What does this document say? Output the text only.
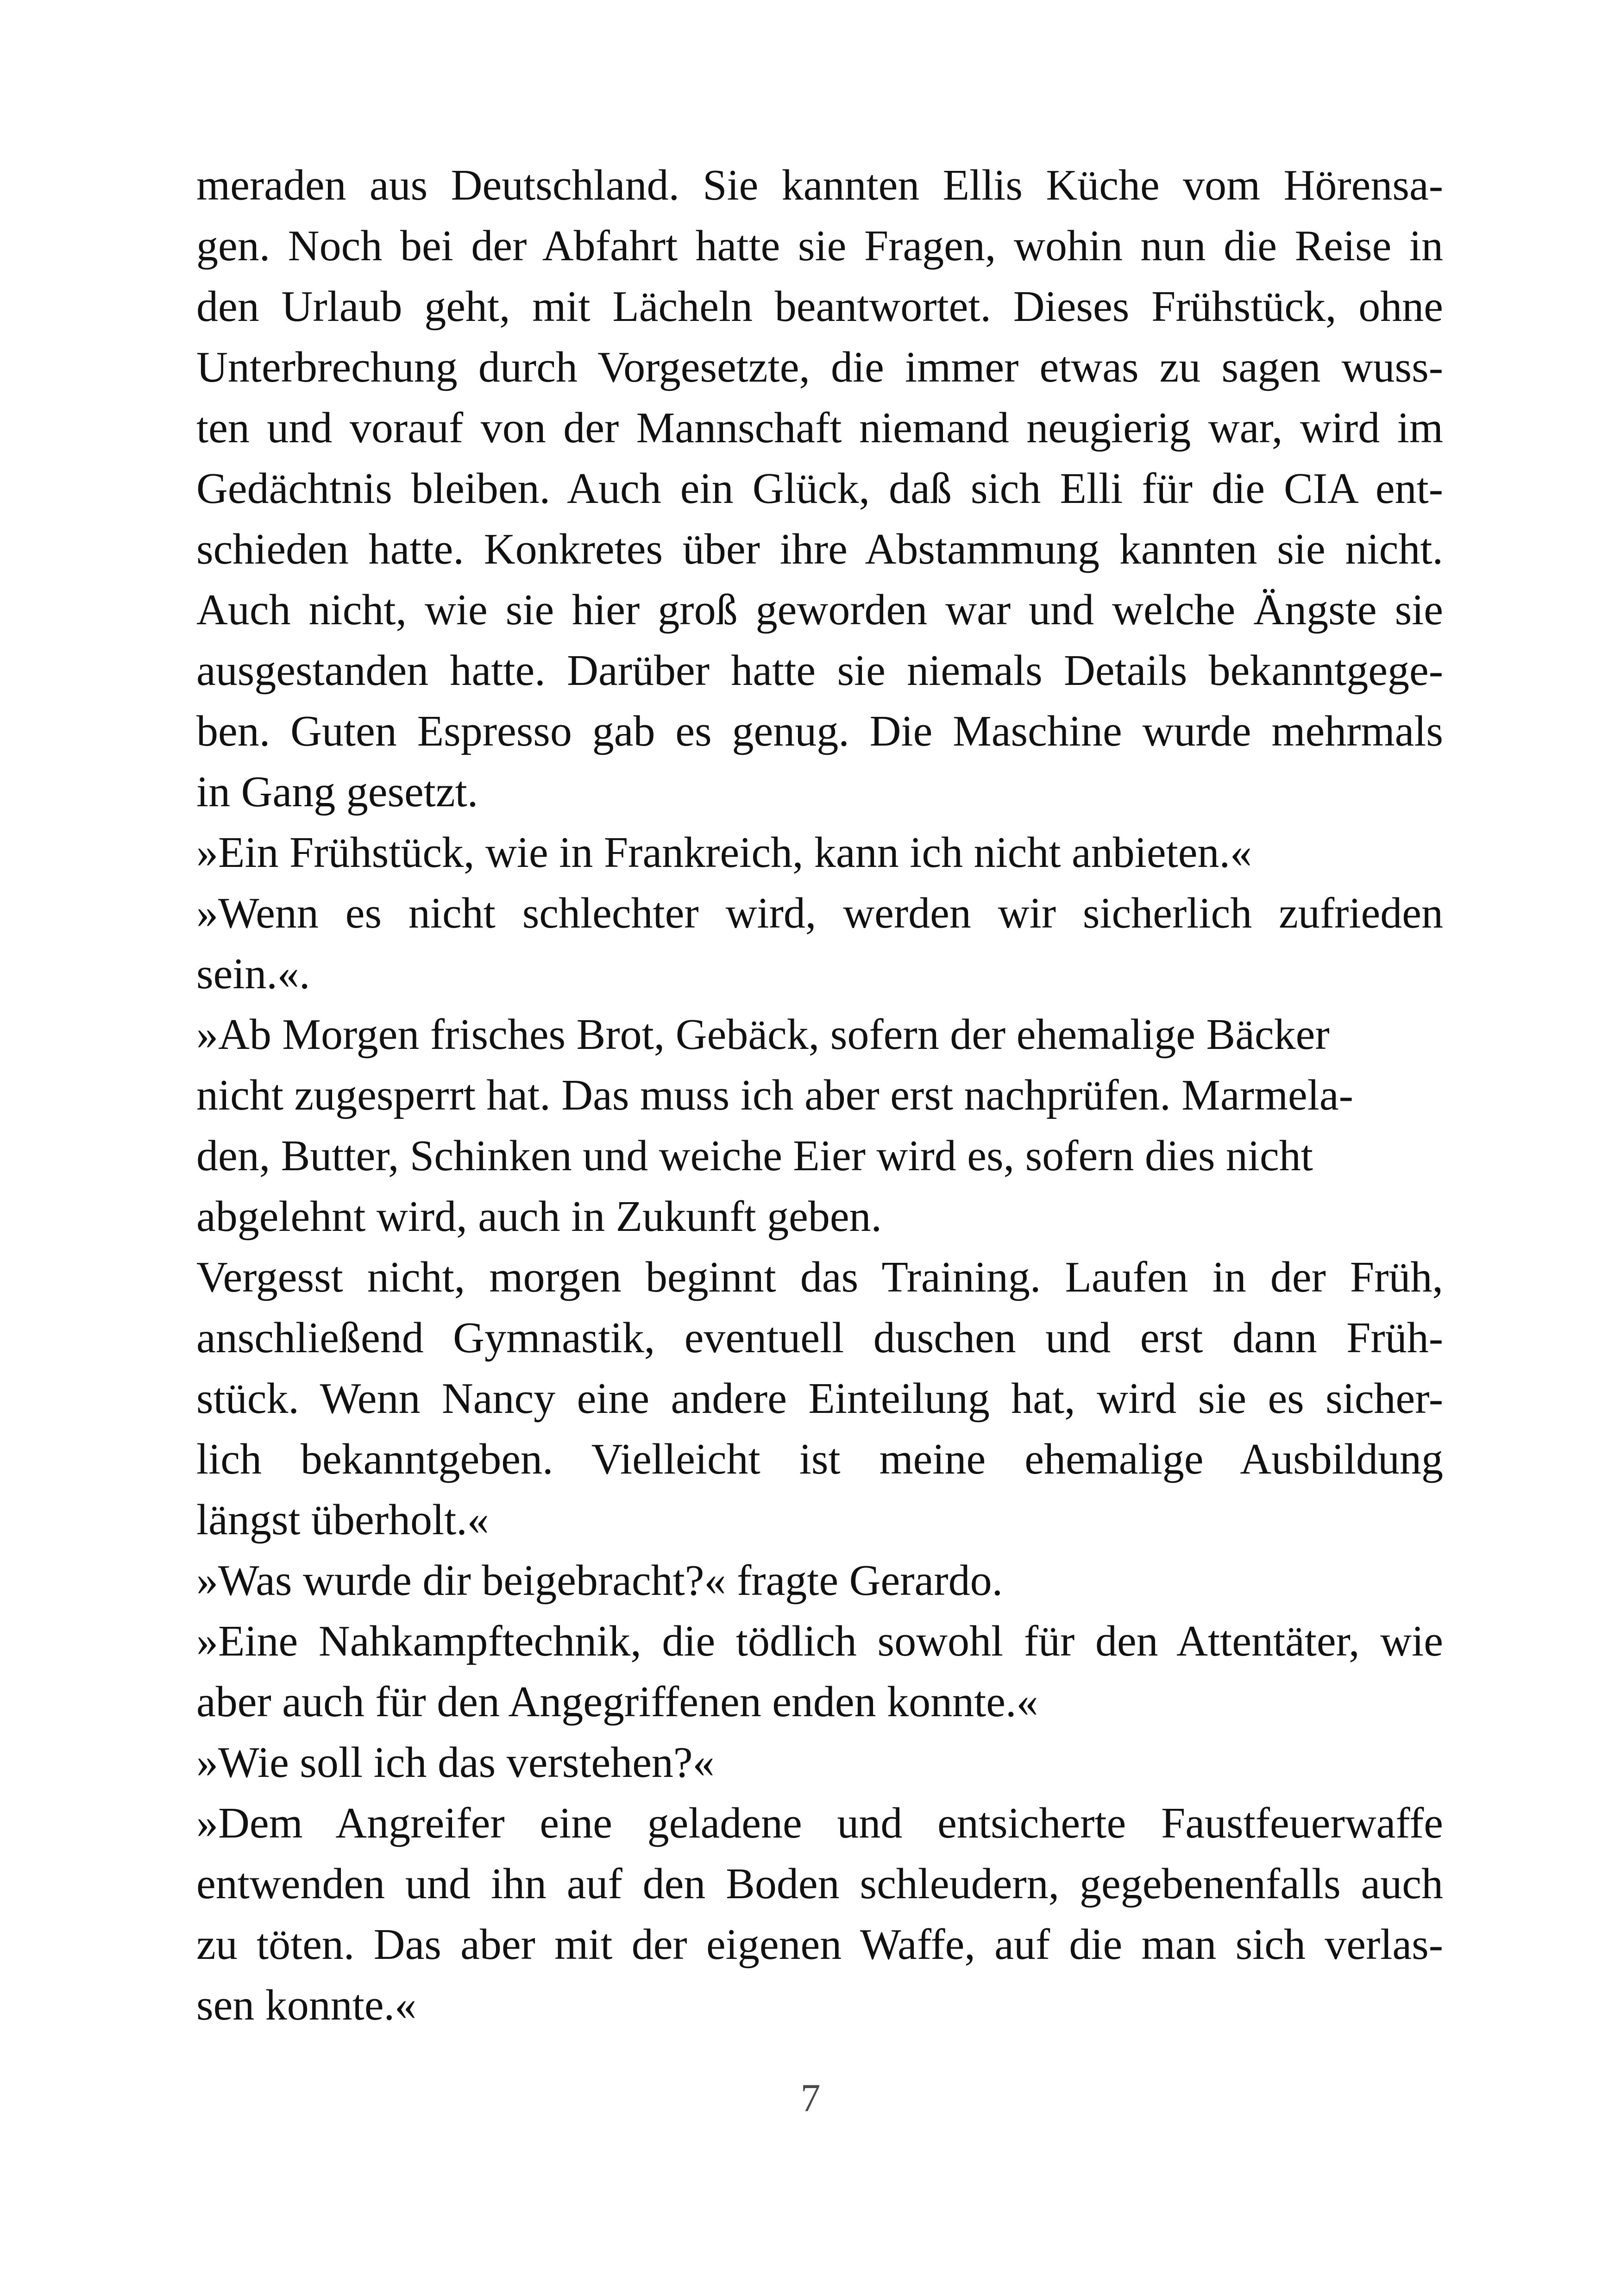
meraden aus Deutschland. Sie kannten Ellis Küche vom Hörensa-
gen. Noch bei der Abfahrt hatte sie Fragen, wohin nun die Reise in
den Urlaub geht, mit Lächeln beantwortet. Dieses Frühstück, ohne
Unterbrechung durch Vorgesetzte, die immer etwas zu sagen wuss-
ten und vorauf von der Mannschaft niemand neugierig war, wird im
Gedächtnis bleiben. Auch ein Glück, daß sich Elli für die CIA ent-
schieden hatte. Konkretes über ihre Abstammung kannten sie nicht.
Auch nicht, wie sie hier groß geworden war und welche Ängste sie
ausgestanden hatte. Darüber hatte sie niemals Details bekanntgege-
ben. Guten Espresso gab es genug. Die Maschine wurde mehrmals
in Gang gesetzt.
»Ein Frühstück, wie in Frankreich, kann ich nicht anbieten.«
»Wenn es nicht schlechter wird, werden wir sicherlich zufrieden
sein.«.
»Ab Morgen frisches Brot, Gebäck, sofern der ehemalige Bäcker
nicht zugesperrt hat. Das muss ich aber erst nachprüfen. Marmela-
den, Butter, Schinken und weiche Eier wird es, sofern dies nicht
abgelehnt wird, auch in Zukunft geben.
Vergesst nicht, morgen beginnt das Training. Laufen in der Früh,
anschließend Gymnastik, eventuell duschen und erst dann Früh-
stück. Wenn Nancy eine andere Einteilung hat, wird sie es sicher-
lich bekanntgeben. Vielleicht ist meine ehemalige Ausbildung
längst überholt.«
»Was wurde dir beigebracht?« fragte Gerardo.
»Eine Nahkampftechnik, die tödlich sowohl für den Attentäter, wie
aber auch für den Angegriffenen enden konnte.«
»Wie soll ich das verstehen?«
»Dem Angreifer eine geladene und entsicherte Faustfeuerwaffe
entwenden und ihn auf den Boden schleudern, gegebenenfalls auch
zu töten. Das aber mit der eigenen Waffe, auf die man sich verlas-
sen konnte.«
7
